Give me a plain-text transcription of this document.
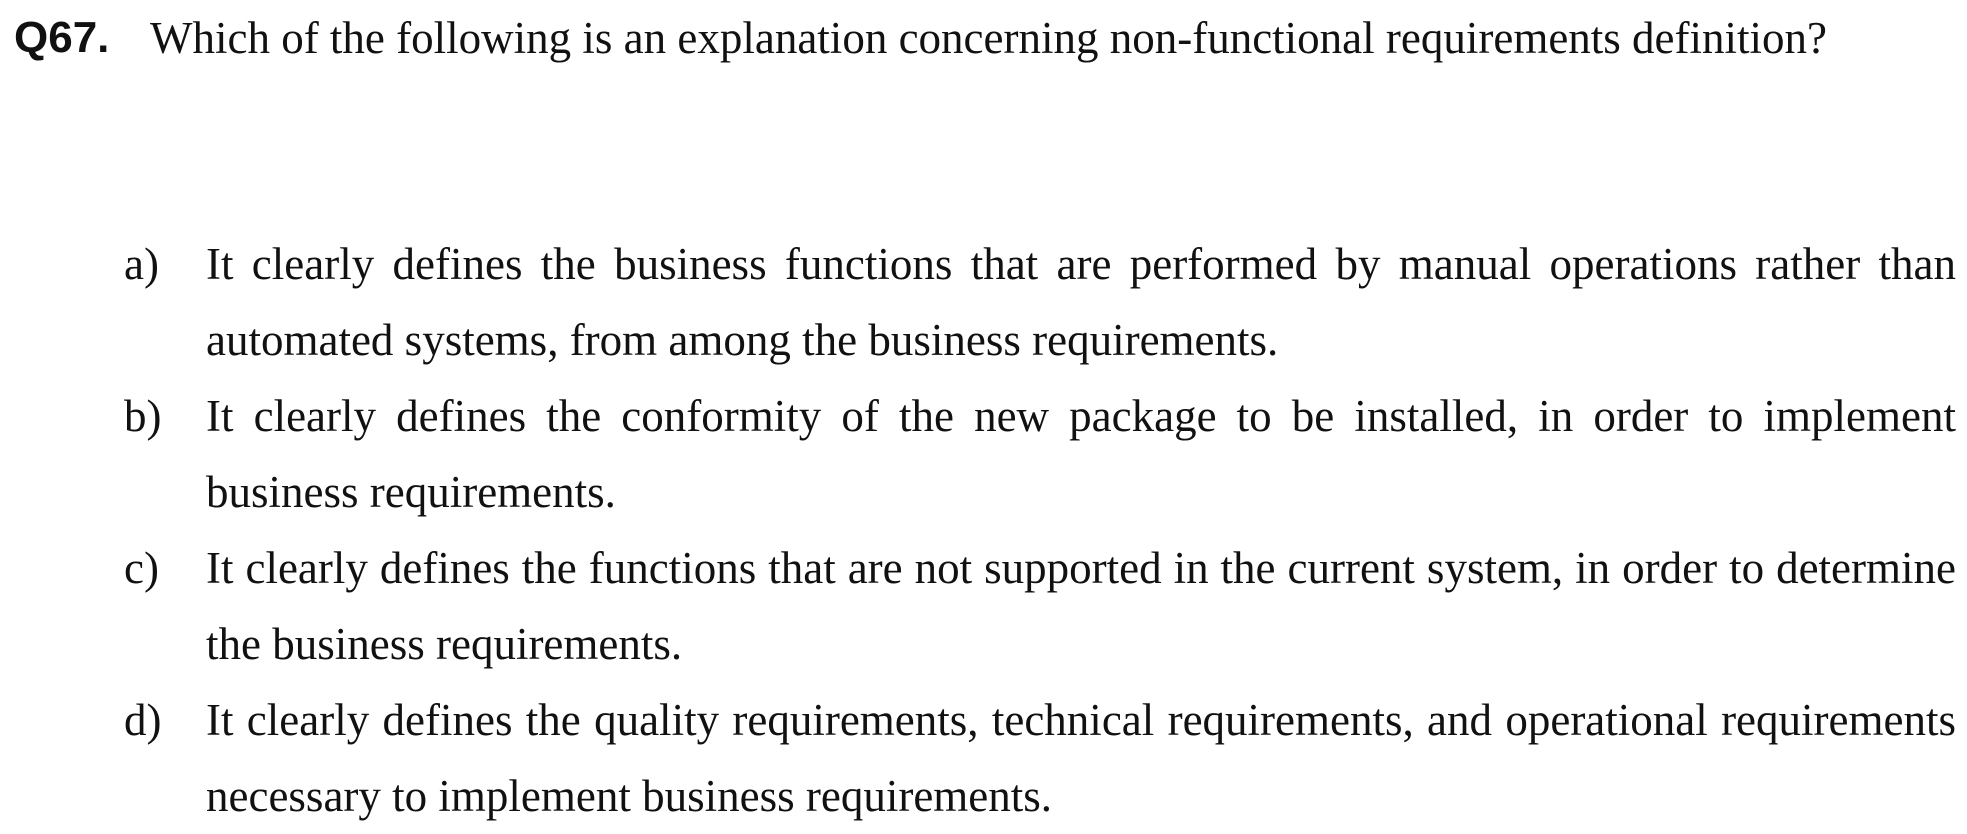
Q67. Which of the following is an explanation concerning non-functional requirements definition?
a) It clearly defines the business functions that are performed by manual operations rather than automated systems, from among the business requirements.
b) It clearly defines the conformity of the new package to be installed, in order to implement business requirements.
c) It clearly defines the functions that are not supported in the current system, in order to determine the business requirements.
d) It clearly defines the quality requirements, technical requirements, and operational requirements necessary to implement business requirements.
